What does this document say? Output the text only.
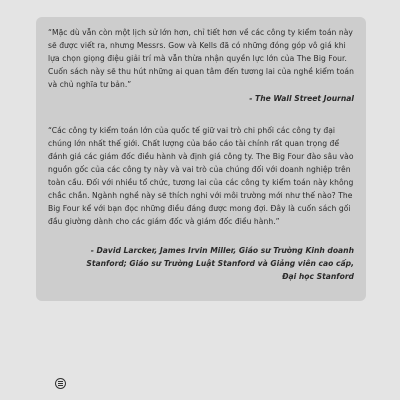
“Mặc dù vẫn còn một lịch sử lớn hơn, chỉ tiết hơn về các công ty kiểm toán này sẽ được viết ra, nhưng Messrs. Gow và Kells đã có những đóng góp vô giá khi lựa chọn giọng điệu giải trí mà vẫn thừa nhận quyền lực lớn của The Big Four. Cuốn sách này sẽ thu hút những ai quan tâm đến tương lai của nghề kiểm toán và chủ nghĩa tư bản.”

- The Wall Street Journal

“Các công ty kiểm toán lớn của quốc tế giữ vai trò chi phối các công ty đại chúng lớn nhất thế giới. Chất lượng của báo cáo tài chính rất quan trọng để đánh giá các giám đốc điều hành và định giá công ty. The Big Four đào sâu vào nguồn gốc của các công ty này và vai trò của chúng đối với doanh nghiệp trên toàn cầu. Đối với nhiều tổ chức, tương lai của các công ty kiểm toán này không chắc chắn. Ngành nghề này sẽ thích nghi với môi trường mới như thế nào? The Big Four kể với bạn đọc những điều đáng được mong đợi. Đây là cuốn sách gối đầu giường dành cho các giám đốc và giám đốc điều hành.”

- David Larcker, James Irvin Miller, Giáo sư Trường Kinh doanh Stanford; Giáo sư Trường Luật Stanford và Giảng viên cao cấp, Đại học Stanford
